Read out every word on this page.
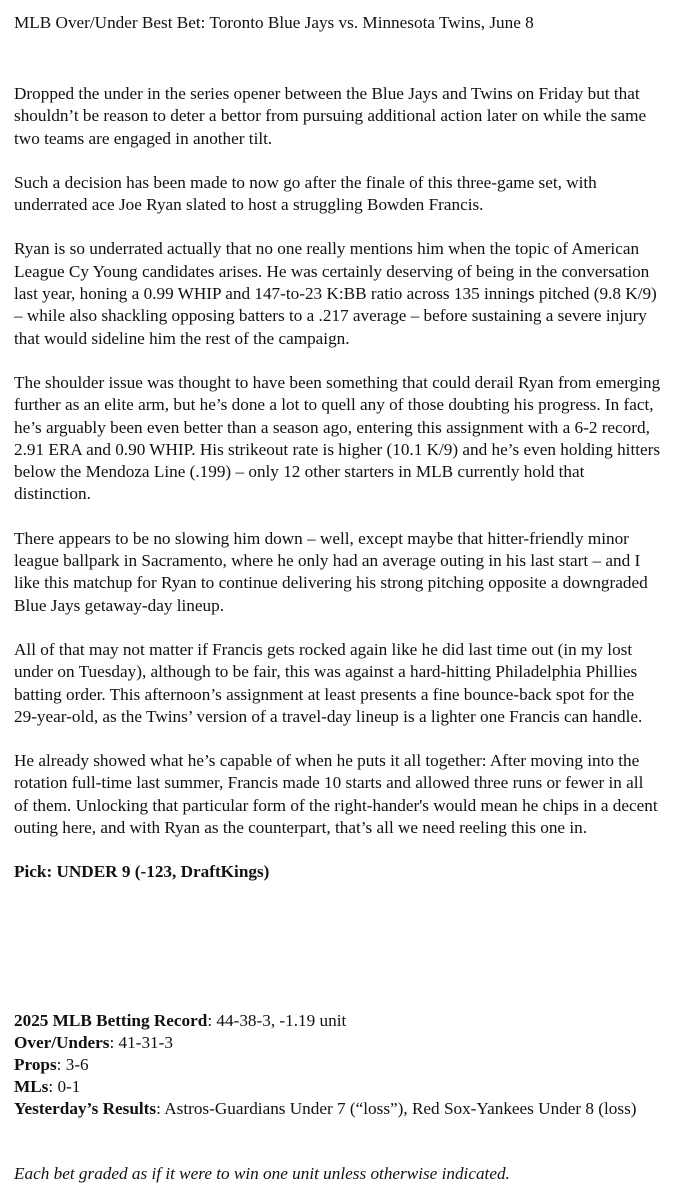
MLB Over/Under Best Bet: Toronto Blue Jays vs. Minnesota Twins, June 8

Dropped the under in the series opener between the Blue Jays and Twins on Friday but that shouldn’t be reason to deter a bettor from pursuing additional action later on while the same two teams are engaged in another tilt.

Such a decision has been made to now go after the finale of this three-game set, with underrated ace Joe Ryan slated to host a struggling Bowden Francis.

Ryan is so underrated actually that no one really mentions him when the topic of American League Cy Young candidates arises. He was certainly deserving of being in the conversation last year, honing a 0.99 WHIP and 147-to-23 K:BB ratio across 135 innings pitched (9.8 K/9) – while also shackling opposing batters to a .217 average – before sustaining a severe injury that would sideline him the rest of the campaign.

The shoulder issue was thought to have been something that could derail Ryan from emerging further as an elite arm, but he’s done a lot to quell any of those doubting his progress. In fact, he’s arguably been even better than a season ago, entering this assignment with a 6-2 record, 2.91 ERA and 0.90 WHIP. His strikeout rate is higher (10.1 K/9) and he’s even holding hitters below the Mendoza Line (.199) – only 12 other starters in MLB currently hold that distinction.

There appears to be no slowing him down – well, except maybe that hitter-friendly minor league ballpark in Sacramento, where he only had an average outing in his last start – and I like this matchup for Ryan to continue delivering his strong pitching opposite a downgraded Blue Jays getaway-day lineup.

All of that may not matter if Francis gets rocked again like he did last time out (in my lost under on Tuesday), although to be fair, this was against a hard-hitting Philadelphia Phillies batting order. This afternoon’s assignment at least presents a fine bounce-back spot for the 29-year-old, as the Twins’ version of a travel-day lineup is a lighter one Francis can handle.

He already showed what he’s capable of when he puts it all together: After moving into the rotation full-time last summer, Francis made 10 starts and allowed three runs or fewer in all of them. Unlocking that particular form of the right-hander's would mean he chips in a decent outing here, and with Ryan as the counterpart, that’s all we need reeling this one in.

Pick: UNDER 9 (-123, DraftKings)

2025 MLB Betting Record: 44-38-3, -1.19 unit

Over/Unders: 41-31-3

Props: 3-6

MLs: 0-1

Yesterday’s Results: Astros-Guardians Under 7 (“loss”), Red Sox-Yankees Under 8 (loss)

Each bet graded as if it were to win one unit unless otherwise indicated.
